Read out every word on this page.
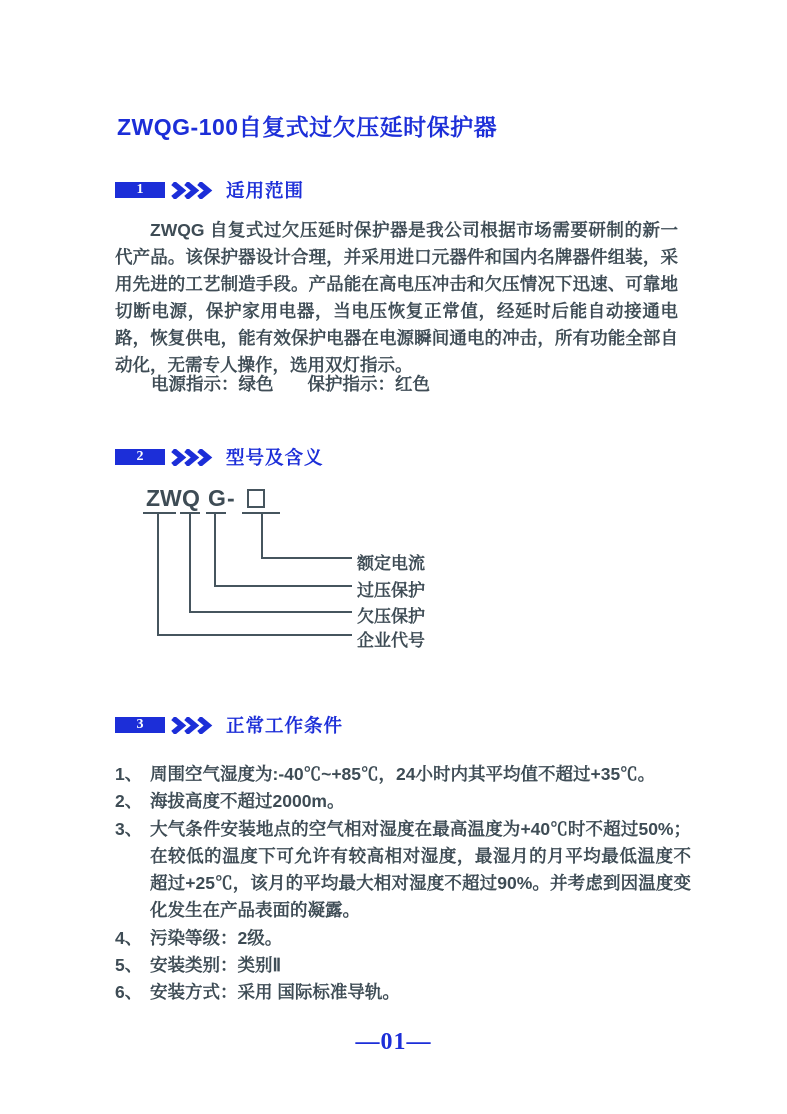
ZWQG-100自复式过欠压延时保护器
1	适用范围

ZWQG 自复式过欠压延时保护器是我公司根据市场需要研制的新一代产品。该保护器设计合理，并采用进口元器件和国内名牌器件组装，采用先进的工艺制造手段。产品能在高电压冲击和欠压情况下迅速、可靠地切断电源，保护家用电器，当电压恢复正常值，经延时后能自动接通电路，恢复供电，能有效保护电器在电源瞬间通电的冲击，所有功能全部自动化，无需专人操作，选用双灯指示。

电源指示：绿色 保护指示：红色
2	型号及含义
ZW Q G -
额定电流
过压保护
欠压保护
企业代号
3	正常工作条件
1、 周围空气湿度为:-40℃~+85℃，24小时内其平均值不超过+35℃。
2、 海拔高度不超过2000m。
3、 大气条件安装地点的空气相对湿度在最高温度为+40℃时不超过50%；在较低的温度下可允许有较高相对湿度，最湿月的月平均最低温度不超过+25℃，该月的平均最大相对湿度不超过90%。并考虑到因温度变化发生在产品表面的凝露。
4、 污染等级：2级。
5、 安装类别：类别Ⅱ
6、 安装方式：采用 国际标准导轨。
—01—
